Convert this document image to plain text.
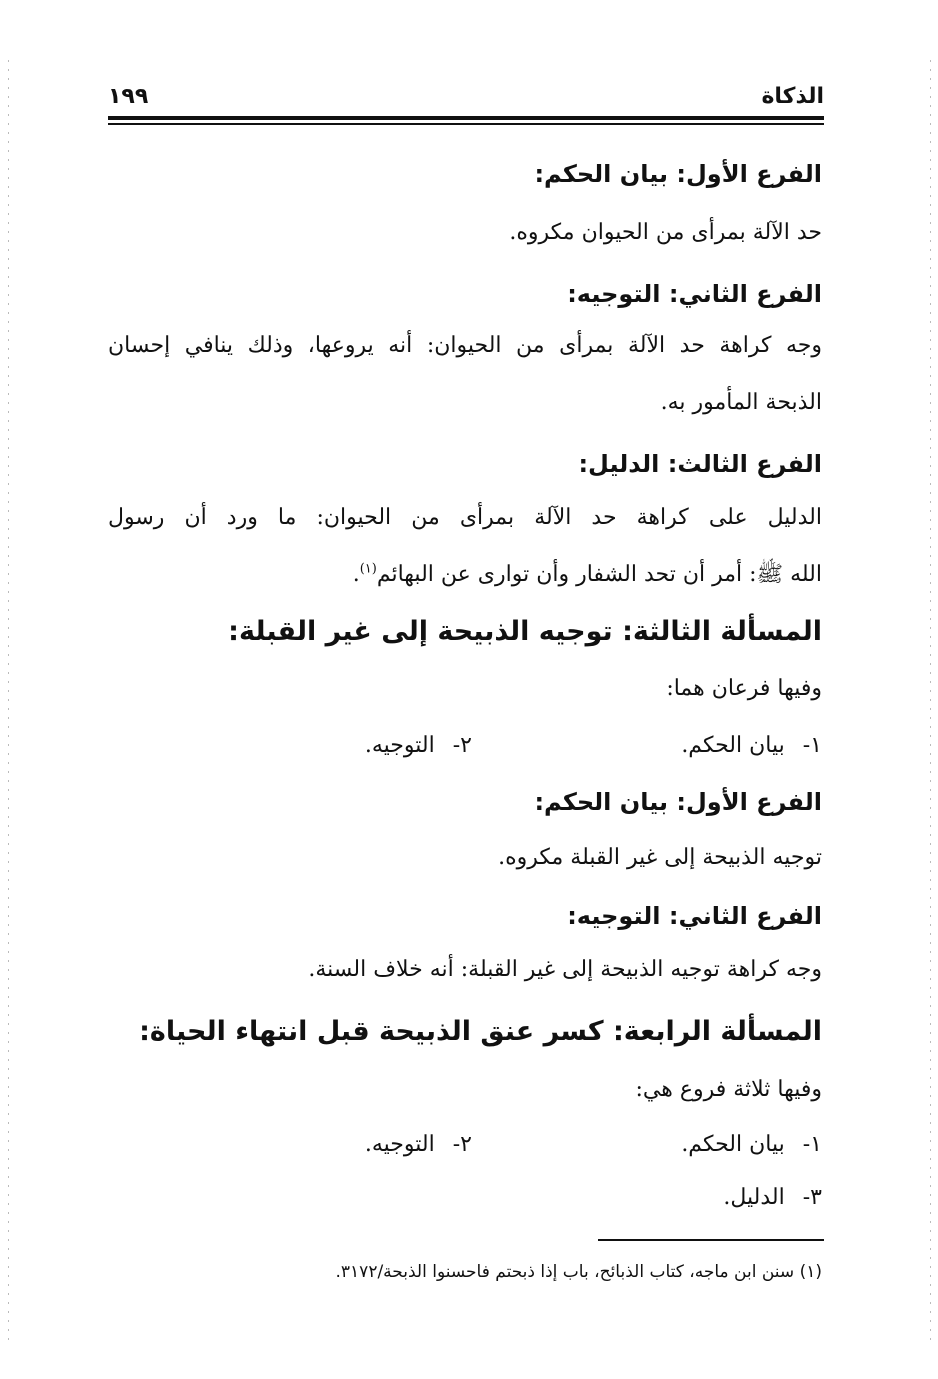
الذكاة
١٩٩
الفرع الأول: بيان الحكم:
حد الآلة بمرأى من الحيوان مكروه.
الفرع الثاني: التوجيه:
وجه كراهة حد الآلة بمرأى من الحيوان: أنه يروعها، وذلك ينافي إحسان
الذبحة المأمور به.
الفرع الثالث: الدليل:
الدليل على كراهة حد الآلة بمرأى من الحيوان: ما ورد أن رسول
الله ﷺ: أمر أن تحد الشفار وأن توارى عن البهائم$^{(١)}$.
المسألة الثالثة: توجيه الذبيحة إلى غير القبلة:
وفيها فرعان هما:
١-بيان الحكم.
٢-التوجيه.
الفرع الأول: بيان الحكم:
توجيه الذبيحة إلى غير القبلة مكروه.
الفرع الثاني: التوجيه:
وجه كراهة توجيه الذبيحة إلى غير القبلة: أنه خلاف السنة.
المسألة الرابعة: كسر عنق الذبيحة قبل انتهاء الحياة:
وفيها ثلاثة فروع هي:
١-بيان الحكم.
٢-التوجيه.
٣-الدليل.
(١) سنن ابن ماجه، كتاب الذبائح، باب إذا ذبحتم فاحسنوا الذبحة/٣١٧٢.
